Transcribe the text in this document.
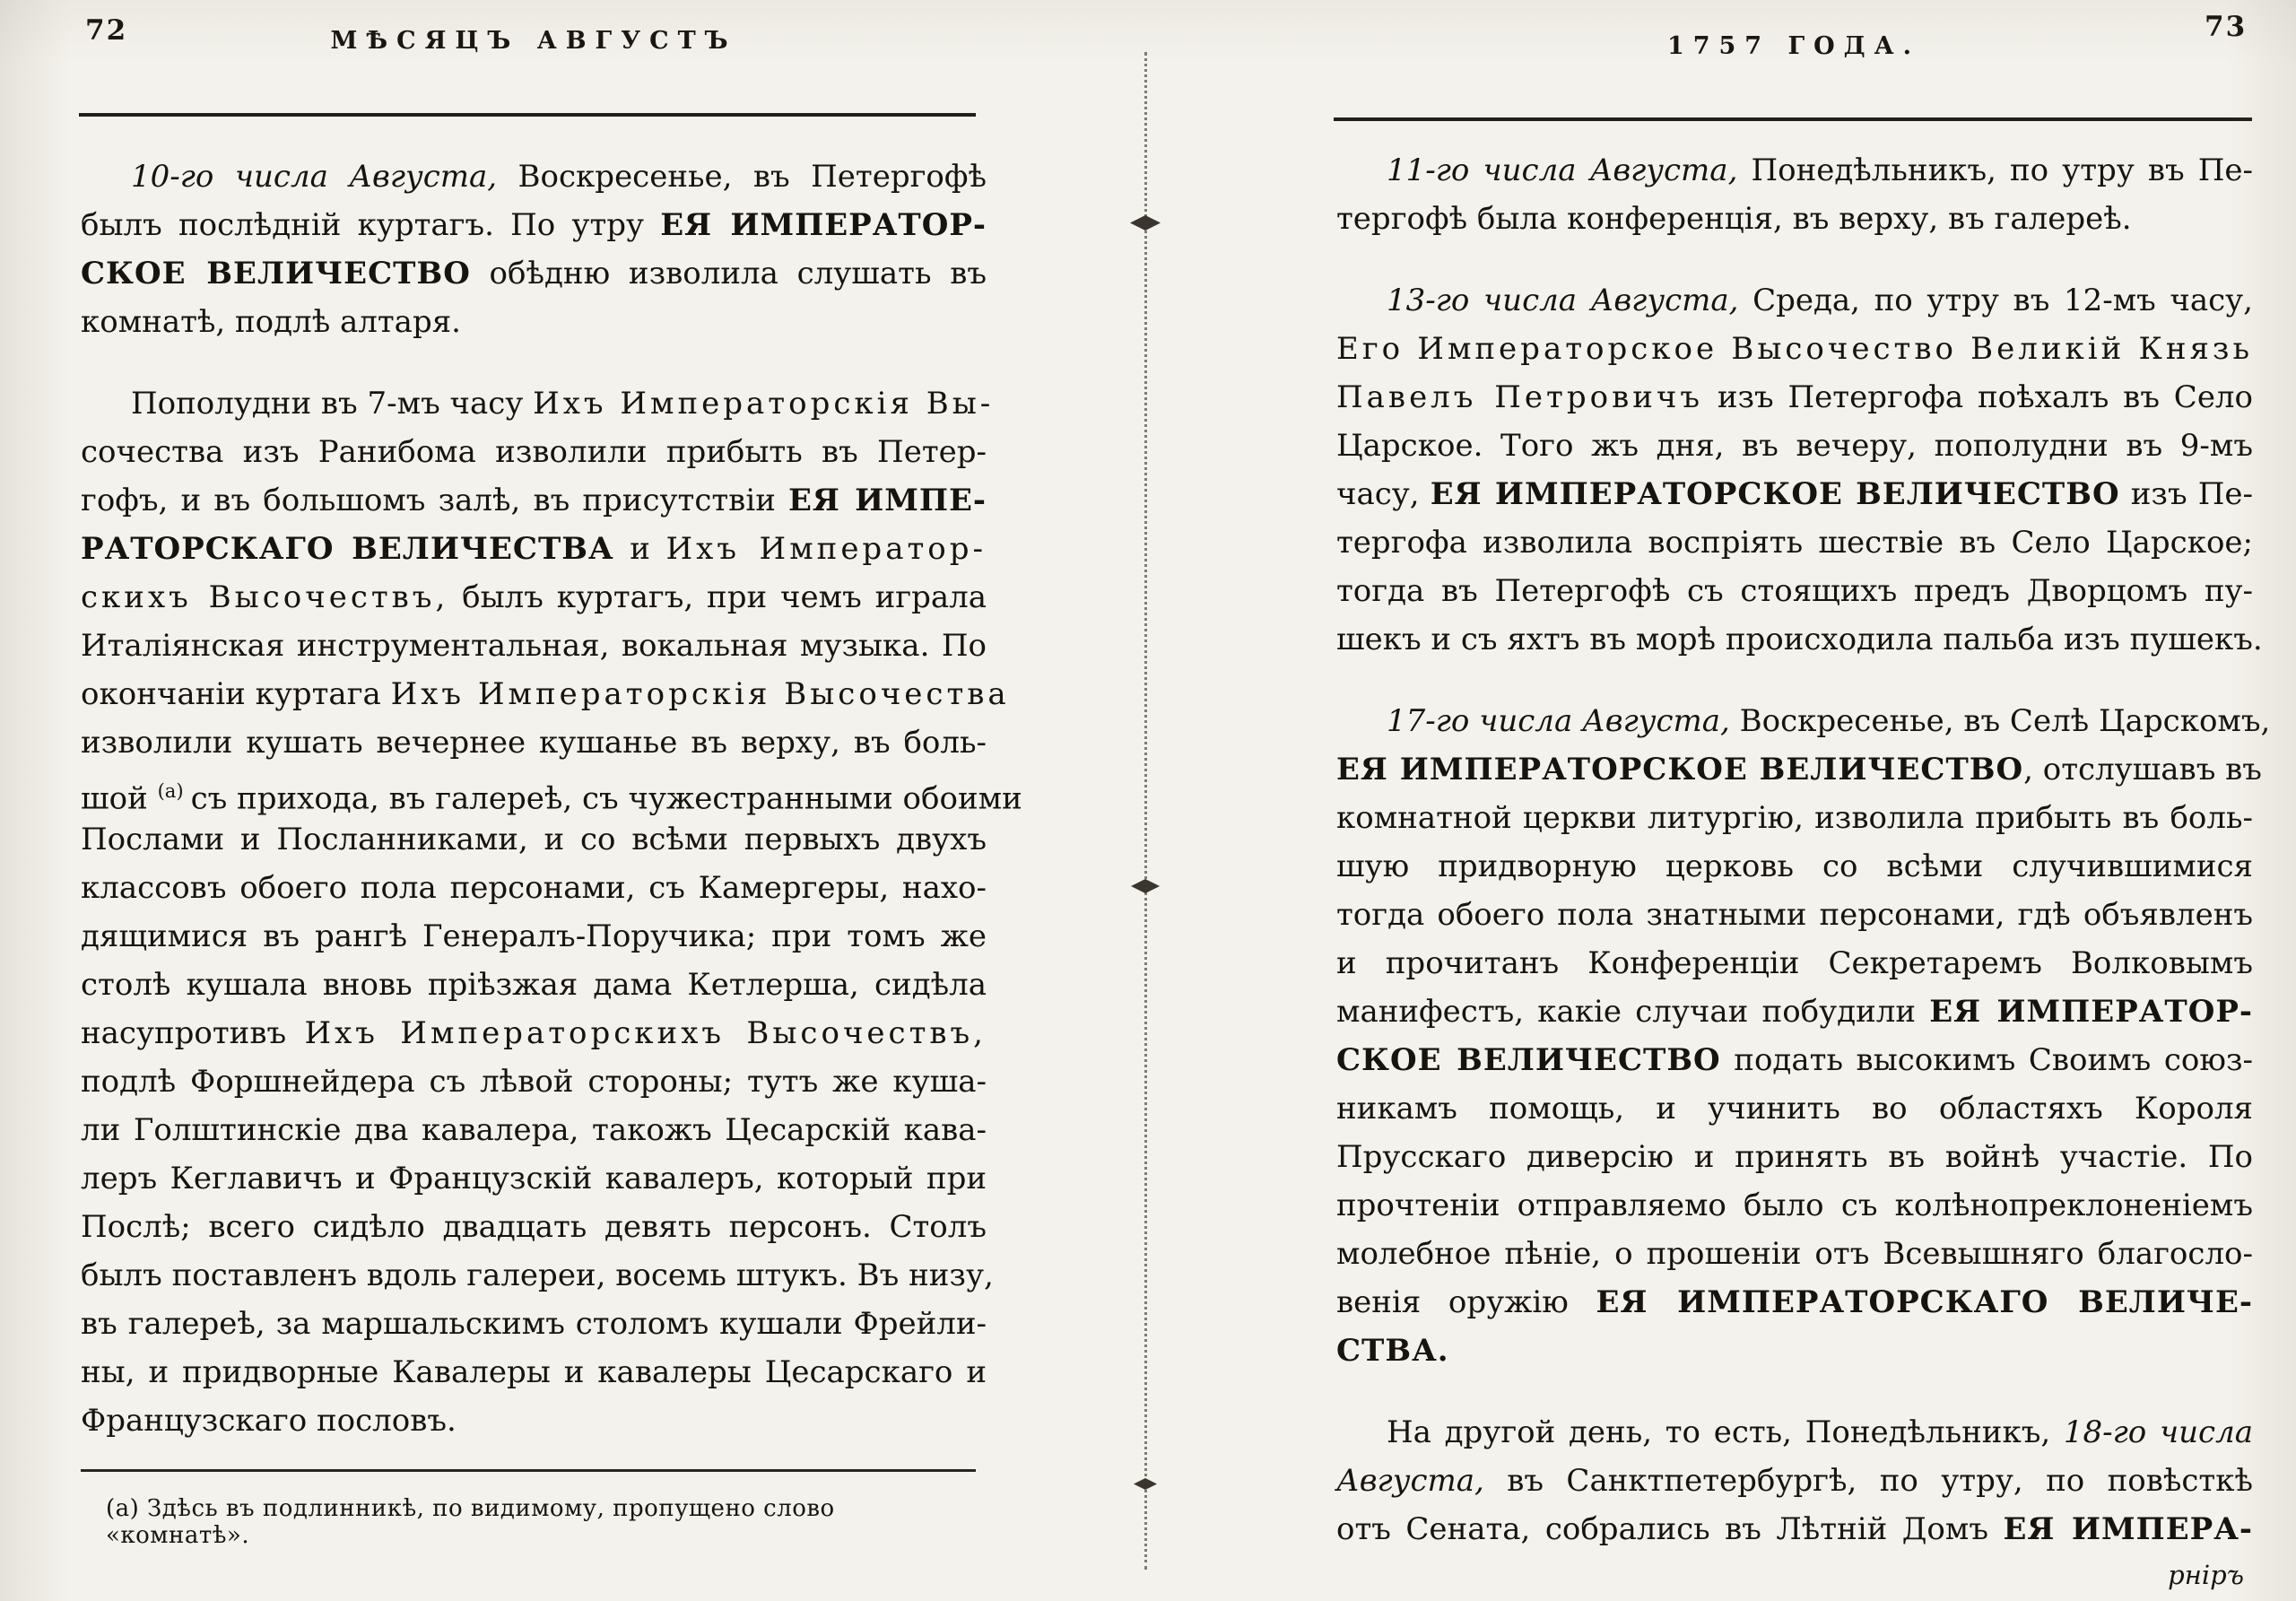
72	МѢСЯЦЪ АВГУСТЪ	73
1757 ГОДА.
10-го числа Августа, Воскресенье, въ Петергофѣ
былъ послѣдній куртагъ. По утру ЕЯ ИМПЕРАТОР-
СКОЕ ВЕЛИЧЕСТВО обѣдню изволила слушать въ
комнатѣ, подлѣ алтаря.
Пополудни въ 7-мъ часу Ихъ Императорскія Вы-
сочества изъ Ранибома изволили прибыть въ Петер-
гофъ, и въ большомъ залѣ, въ присутствіи ЕЯ ИМПЕ-
РАТОРСКАГО ВЕЛИЧЕСТВА и Ихъ Император-
скихъ Высочествъ, былъ куртагъ, при чемъ играла
Италіянская инструментальная, вокальная музыка. По
окончаніи куртага Ихъ Императорскія Высочества
изволили кушать вечернее кушанье въ верху, въ боль-
шой $^{(а)}$ съ прихода, въ галереѣ, съ чужестранными обоими
Послами и Посланниками, и со всѣми первыхъ двухъ
классовъ обоего пола персонами, съ Камергеры, нахо-
дящимися въ рангѣ Генералъ-Поручика; при томъ же
столѣ кушала вновь пріѣзжая дама Кетлерша, сидѣла
насупротивъ Ихъ Императорскихъ Высочествъ,
подлѣ Форшнейдера съ лѣвой стороны; тутъ же куша-
ли Голштинскіе два кавалера, такожъ Цесарскій кава-
леръ Кеглавичъ и Французскій кавалеръ, который при
Послѣ; всего сидѣло двадцать девять персонъ. Столъ
былъ поставленъ вдоль галереи, восемь штукъ. Въ низу,
въ галереѣ, за маршальскимъ столомъ кушали Фрейли-
ны, и придворные Кавалеры и кавалеры Цесарскаго и
Французскаго пословъ.
(а) Здѣсь въ подлинникѣ, по видимому, пропущено слово «комнатѣ».
11-го числа Августа, Понедѣльникъ, по утру въ Пе-
тергофѣ была конференція, въ верху, въ галереѣ.
13-го числа Августа, Среда, по утру въ 12-мъ часу,
Его Императорское Высочество Великій Князь
Павелъ Петровичъ изъ Петергофа поѣхалъ въ Село
Царское. Того жъ дня, въ вечеру, пополудни въ 9-мъ
часу, ЕЯ ИМПЕРАТОРСКОЕ ВЕЛИЧЕСТВО изъ Пе-
тергофа изволила воспріять шествіе въ Село Царское;
тогда въ Петергофѣ съ стоящихъ предъ Дворцомъ пу-
шекъ и съ яхтъ въ морѣ происходила пальба изъ пушекъ.
17-го числа Августа, Воскресенье, въ Селѣ Царскомъ,
ЕЯ ИМПЕРАТОРСКОЕ ВЕЛИЧЕСТВО, отслушавъ въ
комнатной церкви литургію, изволила прибыть въ боль-
шую придворную церковь со всѣми случившимися
тогда обоего пола знатными персонами, гдѣ объявленъ
и прочитанъ Конференціи Секретаремъ Волковымъ
манифестъ, какіе случаи побудили ЕЯ ИМПЕРАТОР-
СКОЕ ВЕЛИЧЕСТВО подать высокимъ Своимъ союз-
никамъ помощь, и учинить во областяхъ Короля
Прусскаго диверсію и принять въ войнѣ участіе. По
прочтеніи отправляемо было съ колѣнопреклоненіемъ
молебное пѣніе, о прошеніи отъ Всевышняго благосло-
венія оружію ЕЯ ИМПЕРАТОРСКАГО ВЕЛИЧЕ-
СТВА.
На другой день, то есть, Понедѣльникъ, 18-го числа
Августа, въ Санктпетербургѣ, по утру, по повѣсткѣ
отъ Сената, собрались въ Лѣтній Домъ ЕЯ ИМПЕРА-
рнiръ
